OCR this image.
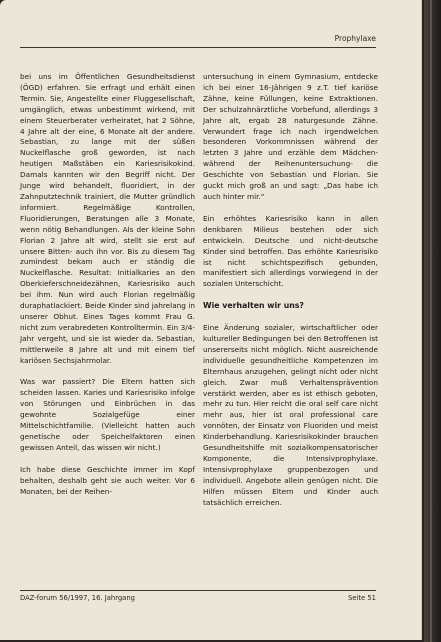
Prophylaxe

bei uns im Öffentlichen Gesundheitsdienst (ÖGD) erfahren. Sie erfragt und erhält einen Termin. Sie, Angestellte einer Fluggesellschaft, umgänglich, etwas unbestimmt wirkend, mit einem Steuerberater verheiratet, hat 2 Söhne, 4 Jahre alt der eine, 6 Monate alt der andere. Sebastian, zu lange mit der süßen Nuckelflasche groß geworden, ist nach heutigen Maßstäben ein Kariesrisikokind. Damals kannten wir den Begriff nicht. Der Junge wird behandelt, fluoridiert, in der Zahnputztechnik trainiert, die Mutter gründlich informiert. Regelmäßige Kontrollen, Fluoridierungen, Beratungen alle 3 Monate, wenn nötig Behandlungen. Als der kleine Sohn Florian 2 Jahre alt wird, stellt sie erst auf unsere Bitten- auch ihn vor. Bis zu diesem Tag zumindest bekam auch er ständig die Nuckelflasche. Resultat: Initialkaries an den Oberkieferschneidezähnen, Kariesrisiko auch bei ihm. Nun wird auch Florian regelmäßig duraphatlackiert. Beide Kinder sind jahrelang in unserer Obhut. Eines Tages kommt Frau G. nicht zum verabredeten Kontrolltermin. Ein 3/4- Jahr vergeht, und sie ist wieder da. Sebastian, mittlerweile 8 Jahre alt und mit einem tief kariösen Sechsjahrmolar.

Was war passiert? Die Eltern hatten sich scheiden lassen. Karies und Kariesrisiko infolge von Störungen und Einbrüchen in das gewohnte Sozialgefüge einer Mittelschichtfamilie. (Vielleicht hatten auch genetische oder Speichelfaktoren einen gewissen Anteil, das wissen wir nicht.)

Ich habe diese Geschichte immer im Kopf behalten, deshalb geht sie auch weiter. Vor 6 Monaten, bei der Reihen-

untersuchung in einem Gymnasium, entdecke ich bei einer 16-Jährigen 9 z.T. tief kariöse Zähne, keine Füllungen, keine Extraktionen. Der schulzahnärztliche Vorbefund, allerdings 3 Jahre alt, ergab 28 naturgesunde Zähne. Verwundert frage ich nach irgendwelchen besonderen Vorkommnissen während der letzten 3 Jahre und erzähle dem Mädchen- während der Reihenuntersuchung- die Geschichte von Sebastian und Florian. Sie guckt mich groß an und sagt: „Das habe ich auch hinter mir.“

Ein erhöhtes Kariesrisiko kann in allen denkbaren Milieus bestehen oder sich entwickeln. Deutsche und nicht-deutsche Kinder sind betroffen. Das erhöhte Kariesrisiko ist nicht schichtspezifisch gebunden, manifestiert sich allerdings vorwiegend in der sozialen Unterschicht.

Wie verhalten wir uns?

Eine Änderung sozialer, wirtschaftlicher oder kultureller Bedingungen bei den Betroffenen ist unsererseits nicht möglich. Nicht ausreichende individuelle gesundheitliche Kompetenzen im Elternhaus anzugehen, gelingt nicht oder nicht gleich. Zwar muß Verhaltensprävention verstärkt werden, aber es ist ethisch geboten, mehr zu tun. Hier reicht die oral self care nicht mehr aus, hier ist oral professional care vonnöten, der Einsatz von Fluoriden und meist Kinderbehandlung. Kariesrisikokinder brauchen Gesundheitshilfe mit sozialkompensatorischer Komponente, die Intensivprophylaxe. Intensivprophylaxe gruppenbezogen und individuell. Angebote allein genügen nicht. Die Hilfen müssen Eltern und Kinder auch tatsächlich erreichen.

DAZ-forum 56/1997, 16. Jahrgang	Seite 51
